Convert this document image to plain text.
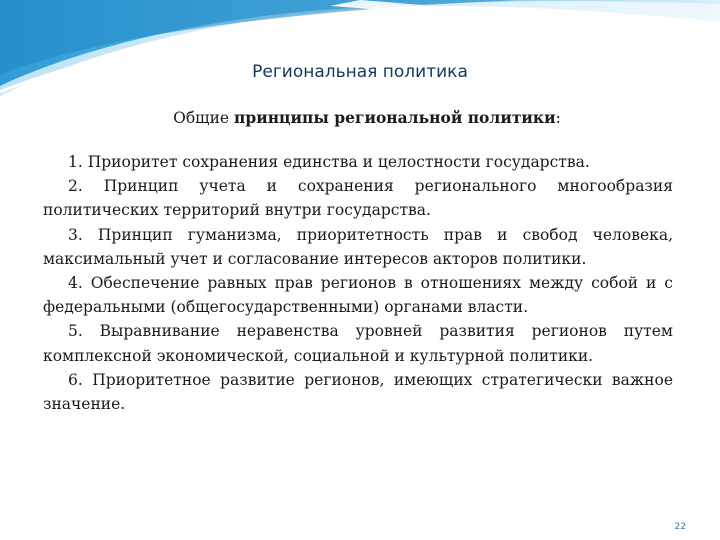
Региональная политика
Общие принципы региональной политики:

1. Приоритет сохранения единства и целостности государства.

2. Принцип учета и сохранения регионального многообразия политических территорий внутри государства.

3. Принцип гуманизма, приоритетность прав и свобод человека, максимальный учет и согласование интересов акторов политики.

4. Обеспечение равных прав регионов в отношениях между собой и с федеральными (общегосударственными) органами власти.

5. Выравнивание неравенства уровней развития регионов путем комплексной экономической, социальной и культурной политики.

6. Приоритетное развитие регионов, имеющих стратегически важное значение.

22
